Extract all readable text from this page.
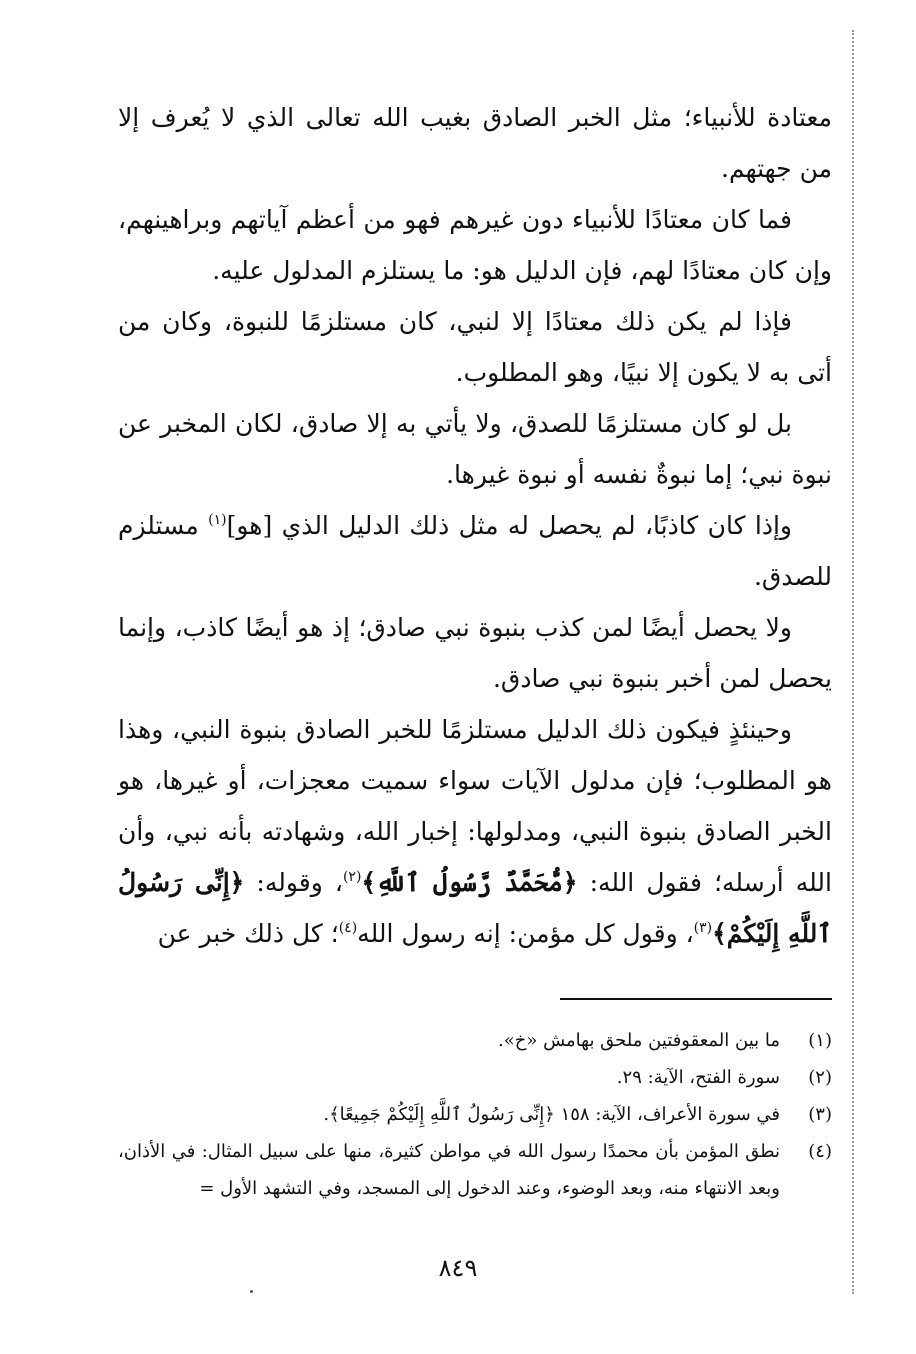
معتادة للأنبياء؛ مثل الخبر الصادق بغيب الله تعالى الذي لا يُعرف إلا من جهتهم.

فما كان معتادًا للأنبياء دون غيرهم فهو من أعظم آياتهم وبراهينهم، وإن كان معتادًا لهم، فإن الدليل هو: ما يستلزم المدلول عليه.

فإذا لم يكن ذلك معتادًا إلا لنبي، كان مستلزمًا للنبوة، وكان من أتى به لا يكون إلا نبيًا، وهو المطلوب.

بل لو كان مستلزمًا للصدق، ولا يأتي به إلا صادق، لكان المخبر عن نبوة نبي؛ إما نبوةٌ نفسه أو نبوة غيرها.

وإذا كان كاذبًا، لم يحصل له مثل ذلك الدليل الذي [هو]$^{(١)}$ مستلزم للصدق.

ولا يحصل أيضًا لمن كذب بنبوة نبي صادق؛ إذ هو أيضًا كاذب، وإنما يحصل لمن أخبر بنبوة نبي صادق.

وحينئذٍ فيكون ذلك الدليل مستلزمًا للخبر الصادق بنبوة النبي، وهذا هو المطلوب؛ فإن مدلول الآيات سواء سميت معجزات، أو غيرها، هو الخبر الصادق بنبوة النبي، ومدلولها: إخبار الله، وشهادته بأنه نبي، وأن الله أرسله؛ فقول الله: ﴿مُّحَمَّدٌ رَّسُولُ ٱللَّهِ﴾$^{(٢)}$، وقوله: ﴿إِنِّى رَسُولُ ٱللَّهِ إِلَيْكُمْ﴾$^{(٣)}$، وقول كل مؤمن: إنه رسول الله$^{(٤)}$؛ كل ذلك خبر عن

(١)
ما بين المعقوفتين ملحق بهامش «خ».
(٢)
سورة الفتح، الآية: ٢٩.
(٣)
في سورة الأعراف، الآية: ١٥٨ ﴿إِنِّى رَسُولُ ٱللَّهِ إِلَيْكُمْ جَمِيعًا﴾.
(٤)
نطق المؤمن بأن محمدًا رسول الله في مواطن كثيرة، منها على سبيل المثال: في الأذان، وبعد الانتهاء منه، وبعد الوضوء، وعند الدخول إلى المسجد، وفي التشهد الأول =
٨٤٩
